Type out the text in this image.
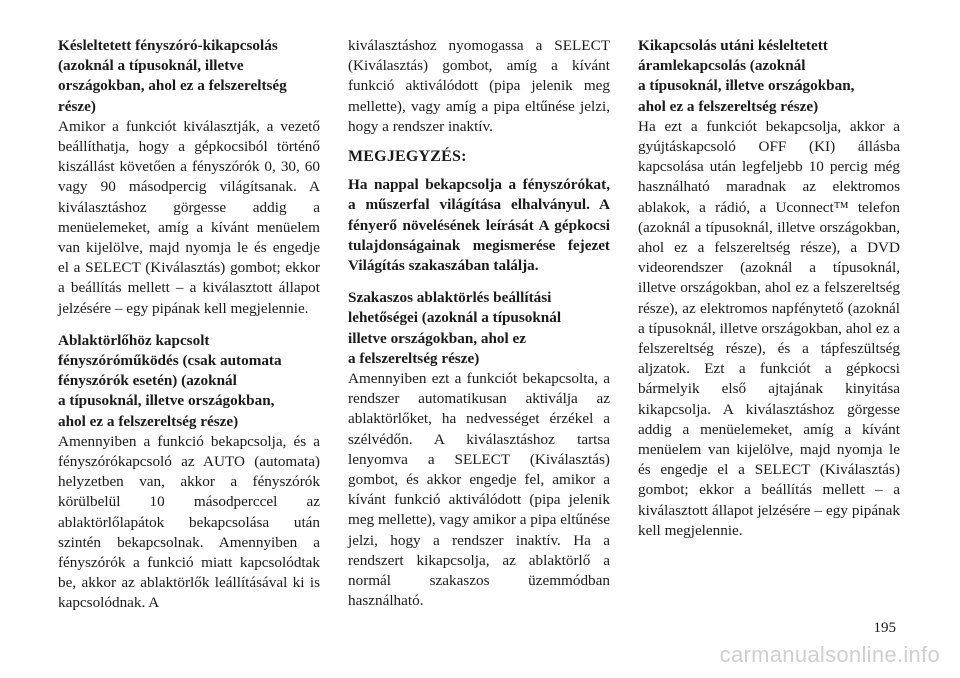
Késleltetett fényszóró-kikapcsolás
(azoknál a típusoknál, illetve
országokban, ahol ez a felszereltség
része)

Amikor a funkciót kiválasztják, a vezető beállíthatja, hogy a gépkocsiból történő kiszállást követően a fényszórók 0, 30, 60 vagy 90 másodpercig világítsanak. A kiválasztáshoz görgesse addig a menüelemeket, amíg a kívánt menüelem van kijelölve, majd nyomja le és engedje el a SELECT (Kiválasztás) gombot; ekkor a beállítás mellett – a kiválasztott állapot jelzésére – egy pipának kell megjelennie.

Ablaktörlőhöz kapcsolt
fényszóróműködés (csak automata
fényszórók esetén) (azoknál
a típusoknál, illetve országokban,
ahol ez a felszereltség része)

Amennyiben a funkció bekapcsolja, és a fényszórókapcsoló az AUTO (automata) helyzetben van, akkor a fényszórók körülbelül 10 másodperccel az ablaktörlőlapátok bekapcsolása után szintén bekapcsolnak. Amennyiben a fényszórók a funkció miatt kapcsolódtak be, akkor az ablaktörlők leállításával ki is kapcsolódnak. A

kiválasztáshoz nyomogassa a SELECT (Kiválasztás) gombot, amíg a kívánt funkció aktiválódott (pipa jelenik meg mellette), vagy amíg a pipa eltűnése jelzi, hogy a rendszer inaktív.

MEGJEGYZÉS:

Ha nappal bekapcsolja a fényszórókat, a műszerfal világítása elhalványul. A fényerő növelésének leírását A gépkocsi tulajdonságainak megismerése fejezet Világítás szakaszában találja.

Szakaszos ablaktörlés beállítási
lehetőségei (azoknál a típusoknál
illetve országokban, ahol ez
a felszereltség része)

Amennyiben ezt a funkciót bekapcsolta, a rendszer automatikusan aktiválja az ablaktörlőket, ha nedvességet érzékel a szélvédőn. A kiválasztáshoz tartsa lenyomva a SELECT (Kiválasztás) gombot, és akkor engedje fel, amikor a kívánt funkció aktiválódott (pipa jelenik meg mellette), vagy amikor a pipa eltűnése jelzi, hogy a rendszer inaktív. Ha a rendszert kikapcsolja, az ablaktörlő a normál szakaszos üzemmódban használható.

Kikapcsolás utáni késleltetett
áramlekapcsolás (azoknál
a típusoknál, illetve országokban,
ahol ez a felszereltség része)

Ha ezt a funkciót bekapcsolja, akkor a gyújtáskapcsoló OFF (KI) állásba kapcsolása után legfeljebb 10 percig még használható maradnak az elektromos ablakok, a rádió, a Uconnect™ telefon (azoknál a típusoknál, illetve országokban, ahol ez a felszereltség része), a DVD videorendszer (azoknál a típusoknál, illetve országokban, ahol ez a felszereltség része), az elektromos napfénytető (azoknál a típusoknál, illetve országokban, ahol ez a felszereltség része), és a tápfeszültség aljzatok. Ezt a funkciót a gépkocsi bármelyik első ajtajának kinyitása kikapcsolja. A kiválasztáshoz görgesse addig a menüelemeket, amíg a kívánt menüelem van kijelölve, majd nyomja le és engedje el a SELECT (Kiválasztás) gombot; ekkor a beállítás mellett – a kiválasztott állapot jelzésére – egy pipának kell megjelennie.

195
carmanualsonline.info
